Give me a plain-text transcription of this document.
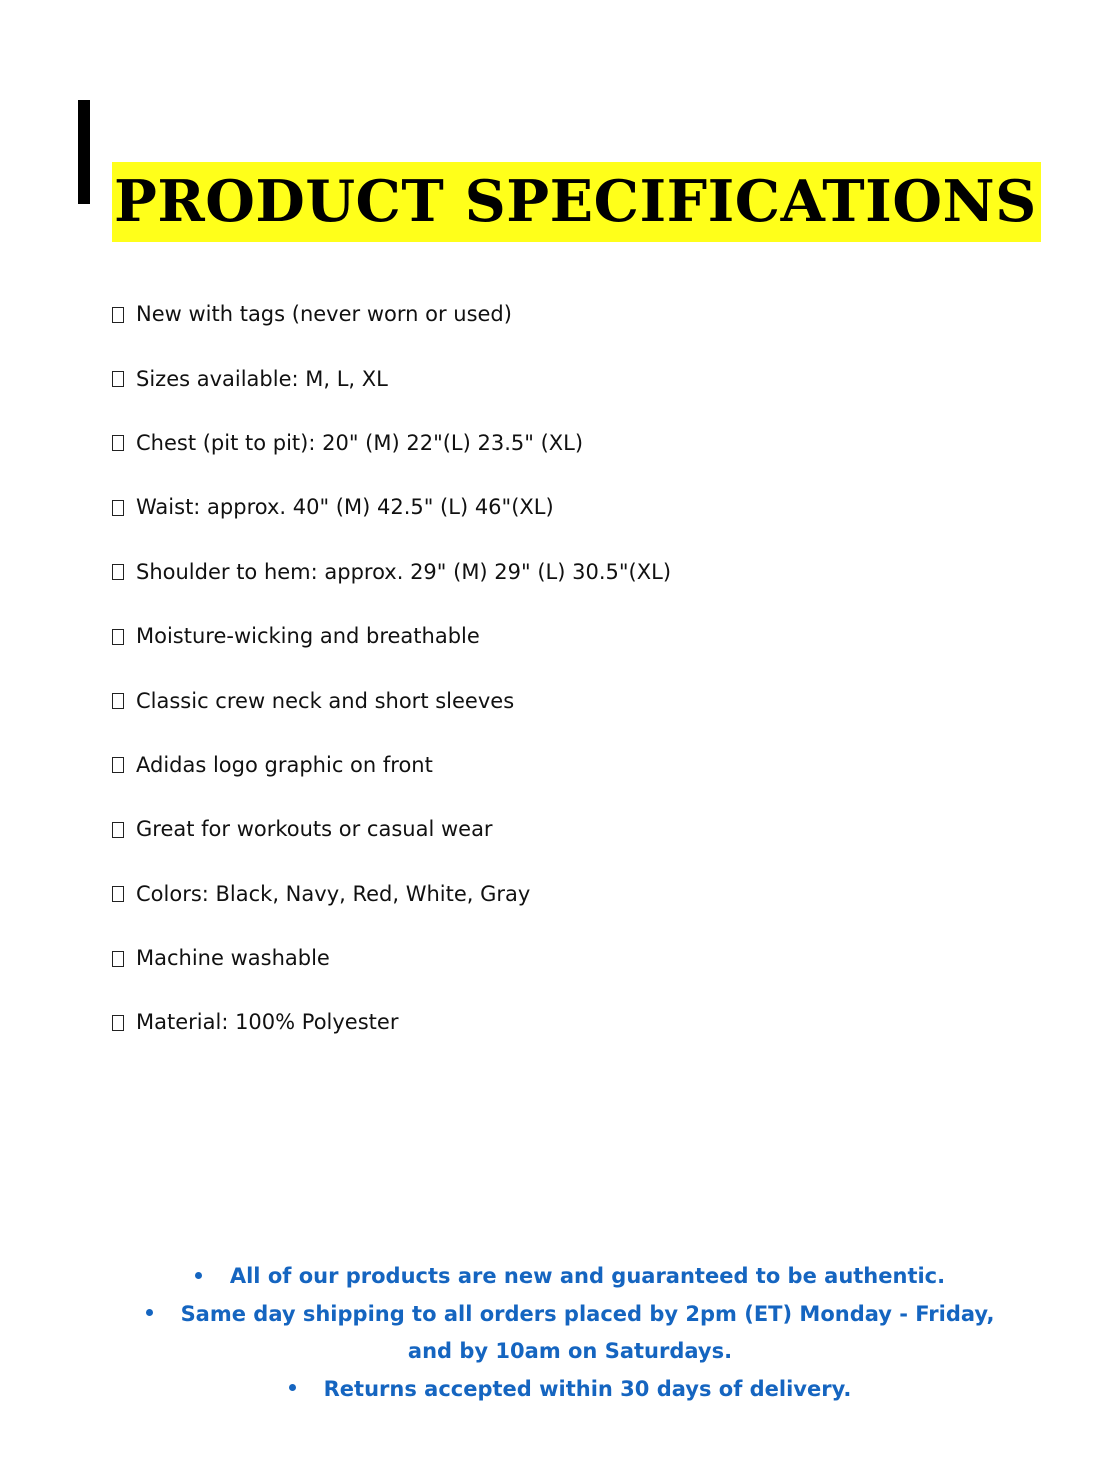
PRODUCT SPECIFICATIONS
New with tags (never worn or used)
Sizes available: M, L, XL
Chest (pit to pit): 20" (M) 22"(L) 23.5" (XL)
Waist: approx. 40" (M) 42.5" (L) 46"(XL)
Shoulder to hem: approx. 29" (M) 29" (L) 30.5"(XL)
Moisture-wicking and breathable
Classic crew neck and short sleeves
Adidas logo graphic on front
Great for workouts or casual wear
Colors: Black, Navy, Red, White, Gray
Machine washable
Material: 100% Polyester
All of our products are new and guaranteed to be authentic.
Same day shipping to all orders placed by 2pm (ET) Monday - Friday, and by 10am on Saturdays.
Returns accepted within 30 days of delivery.
